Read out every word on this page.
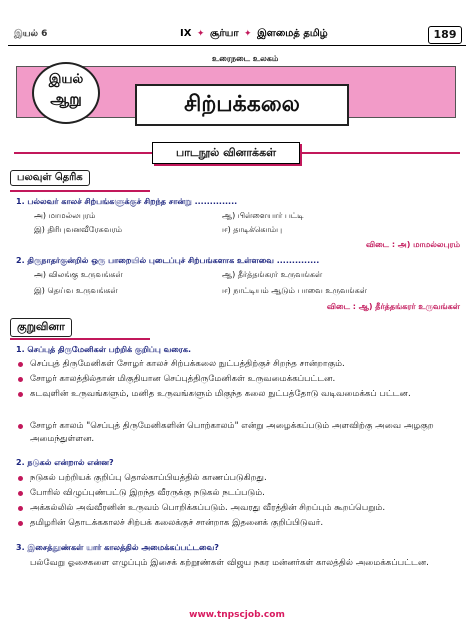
இயல் 6	IX ✦ சூர்யா ✦ இளமைத் தமிழ்	189
உரைநடை உலகம்
சிற்பக்கலை
இயல்
ஆறு
பாடநூல் வினாக்கள்
பலவுள் தெரிக
1. பல்லவர் காலச் சிற்பங்களுக்குச் சிறந்த சான்று ..............
அ) மாமல்லபுரம்	ஆ) பிள்ளையார் பட்டி
இ) திரிபுவனவீரேசுவரம்	ஈ) தாடிக்கொம்பு
விடை : அ) மாமல்லபுரம்
2. திருநாதர்குன்றில் ஒரு பாறையில் புடைப்புச் சிற்பங்களாக உள்ளவை ..............
அ) விலங்கு உருவங்கள்	ஆ) தீர்த்தங்கரர் உருவங்கள்
இ) தெய்வ உருவங்கள்	ஈ) நாட்டியம் ஆடும் பாவை உருவங்கள்
விடை : ஆ) தீர்த்தங்கரர் உருவங்கள்
குறுவினா
1. செப்புத் திருமேனிகள் பற்றிக் குறிப்பு வரைக.
செப்புத் திருமேனிகள் சோழர் காலச் சிற்பக்கலை நுட்பத்திற்குச் சிறந்த சான்றாகும்.
சோழர் காலத்தில்தான் மிகுதியான செப்புத்திருமேனிகள் உருவமைக்கப்பட்டன.
கடவுளின் உருவங்களும், மனித உருவங்களும் மிகுந்த கலை நுட்பத்தோடு வடிவமைக்கப் பட்டன.
சோழர் காலம் "செப்புத் திருமேனிகளின் பொற்காலம்" என்று அழைக்கப்படும் அளவிற்கு அவை அழகுற அமைந்துள்ளன.
2. நடுகல் என்றால் என்ன?
நடுகல் பற்றியக் குறிப்பு தொல்காப்பியத்தில் காணப்படுகிறது.
போரில் விழுப்புண்பட்டு இறந்த வீரருக்கு நடுகல் நடப்படும்.
அக்கல்லில் அவ்வீரனின் உருவம் பொறிக்கப்படும். அவரது வீரத்தின் சிறப்பும் கூறப்பெறும்.
தமிழரின் தொடக்ககாலச் சிற்பக் கலைக்குச் சான்றாக இதனைக் குறிப்பிடுவர்.
3. இசைத்தூண்கள் யார் காலத்தில் அமைக்கப்பட்டவை?
பல்வேறு ஓசைகளை எழுப்பும் இசைக் கற்றூண்கள் விஜய நகர மன்னர்கள் காலத்தில் அமைக்கப்பட்டன.
www.tnpscjob.com
